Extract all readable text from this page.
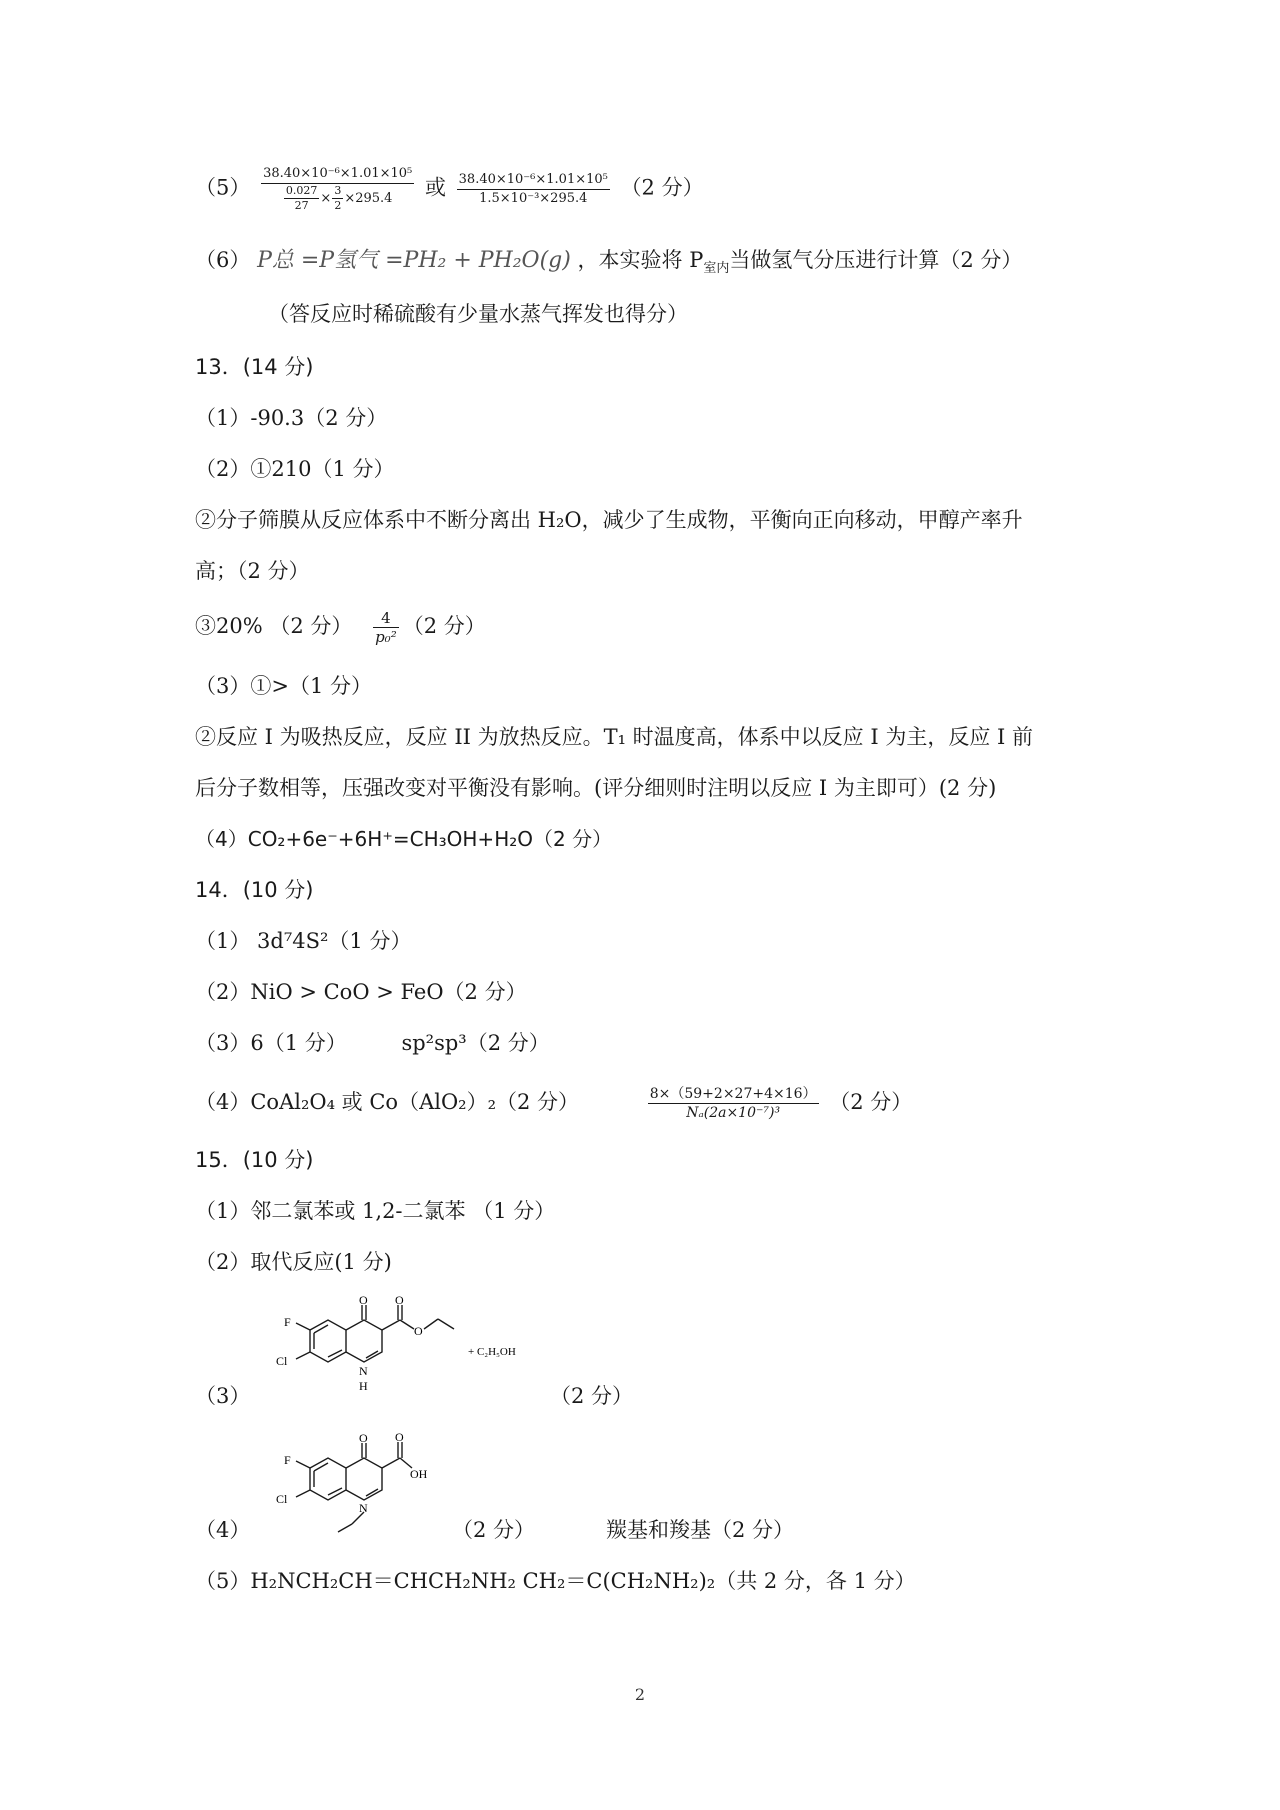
$(5) \frac{\text{38.40×10⁻⁶×1.01×10⁵}}{\frac{0.027}{27} \times \frac{3}{2} \times 295.4}$ 或 $\frac{\text{38.40×10⁻⁶×1.01×10⁵}}{\text{1.5×10⁻³×295.4}} (2$ 分）
（6） P总 =P氢气 =PH₂ + PH₂O(g) ，本实验将 $P_{室内}$当做氢气分压进行计算（2 分）
（答反应时稀硫酸有少量水蒸气挥发也得分）
13．(14 分)
（1）-90.3（2 分）
（2）①210（1 分）
②分子筛膜从反应体系中不断分离出 H₂O，减少了生成物，平衡向正向移动，甲醇产率升
高；（2 分）
③20% （2 分） $\frac{4}{\text{p₀²}} (2$ 分）
（3）①>（1 分）
②反应 I 为吸热反应，反应 II 为放热反应。T₁ 时温度高，体系中以反应 I 为主，反应 I 前
后分子数相等，压强改变对平衡没有影响。(评分细则时注明以反应 I 为主即可）(2 分)
（4）CO₂+6e⁻+6H⁺=CH₃OH+H₂O（2 分）
14．(10 分)
（1） 3d⁷4S²（1 分）
（2）NiO > CoO > FeO（2 分）
（3）6（1 分）	sp²sp³（2 分）
（4）CoAl₂O₄ 或 Co（AlO₂）₂（2 分）	$\frac{8\times(59+2\times 27+4\times 16)}{\text{Nₐ(2a×10⁻⁷)³}} (2$ 分）
15．(10 分)
（1）邻二氯苯或 1,2-二氯苯 （1 分）
（2）取代反应(1 分)
（3）	（2 分）
F
Cl
O O
O
N
H
+ C₂H₅OH
（4）	（2 分）	羰基和羧基（2 分）
F
Cl
O O
OH
N
（5）H₂NCH₂CH＝CHCH₂NH₂ CH₂＝C(CH₂NH₂)₂（共 2 分，各 1 分）
2
